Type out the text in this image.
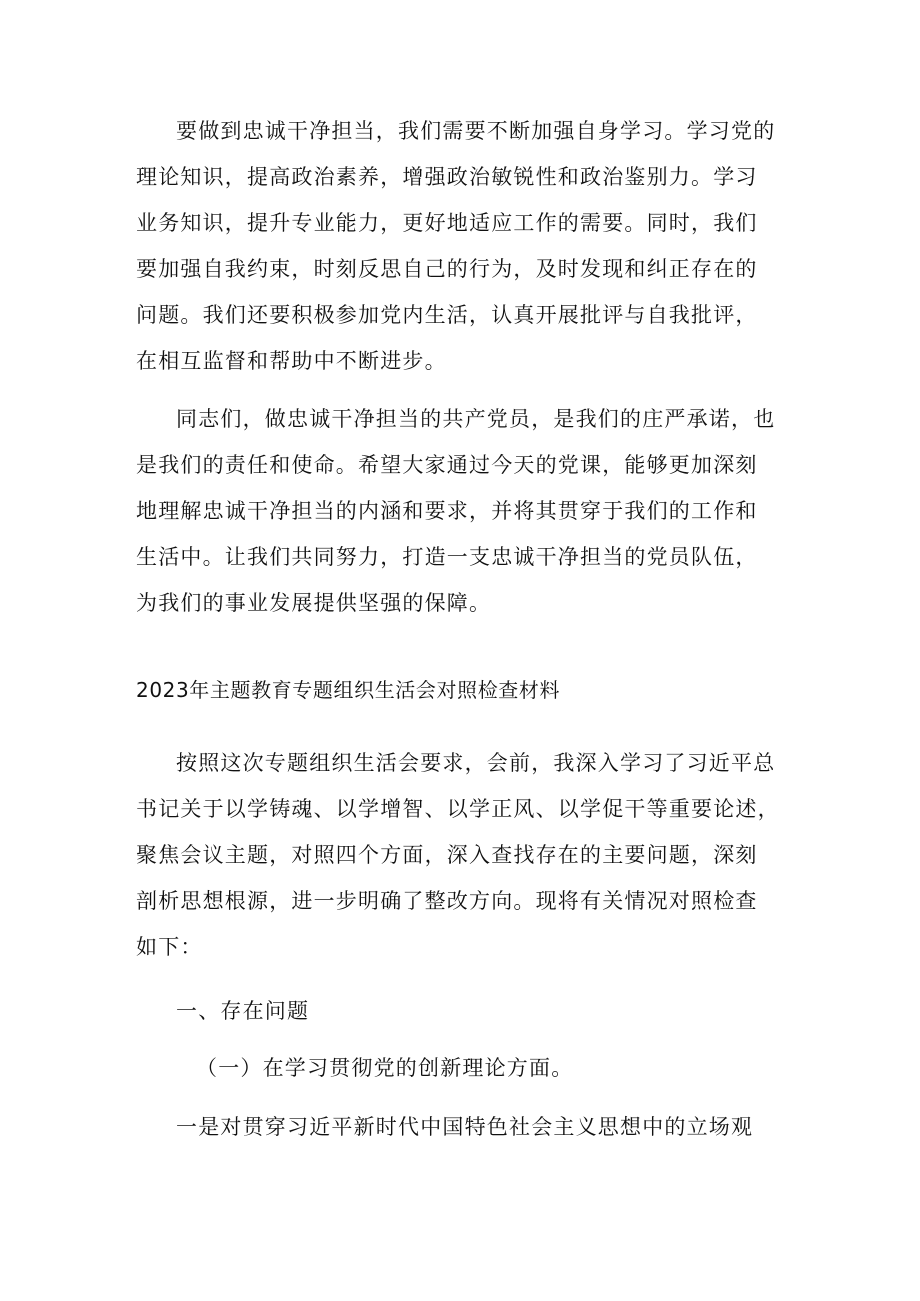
要做到忠诚干净担当，我们需要不断加强自身学习。学习党的
理论知识，提高政治素养，增强政治敏锐性和政治鉴别力。学习
业务知识，提升专业能力，更好地适应工作的需要。同时，我们
要加强自我约束，时刻反思自己的行为，及时发现和纠正存在的
问题。我们还要积极参加党内生活，认真开展批评与自我批评，
在相互监督和帮助中不断进步。
同志们，做忠诚干净担当的共产党员，是我们的庄严承诺，也
是我们的责任和使命。希望大家通过今天的党课，能够更加深刻
地理解忠诚干净担当的内涵和要求，并将其贯穿于我们的工作和
生活中。让我们共同努力，打造一支忠诚干净担当的党员队伍，
为我们的事业发展提供坚强的保障。
2023年主题教育专题组织生活会对照检查材料
按照这次专题组织生活会要求，会前，我深入学习了习近平总
书记关于以学铸魂、以学增智、以学正风、以学促干等重要论述，
聚焦会议主题，对照四个方面，深入查找存在的主要问题，深刻
剖析思想根源，进一步明确了整改方向。现将有关情况对照检查
如下：
一、存在问题
（一）在学习贯彻党的创新理论方面。
一是对贯穿习近平新时代中国特色社会主义思想中的立场观
